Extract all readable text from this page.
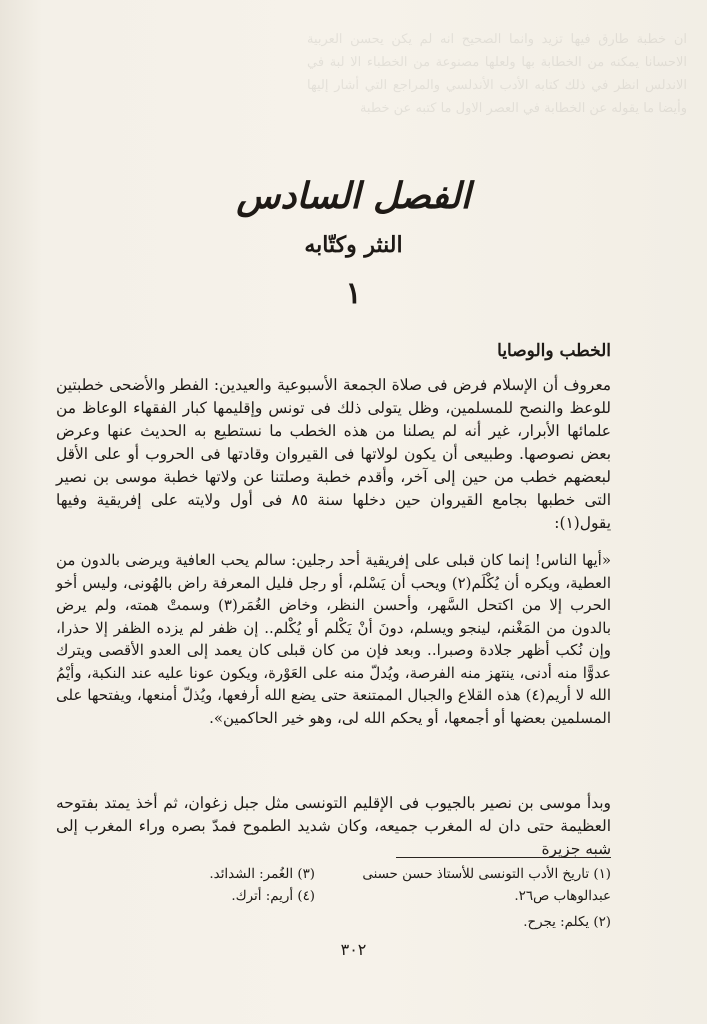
ان خطبة طارق فيها تزيد وانما الصحيح انه لم يكن يحسن العربية الاحسانا يمكنه من الخطابة بها ولعلها مصنوعة من الخطباء الا لبة في الاندلس انظر في ذلك كتابه الأدب الأندلسي والمراجع التي أشار إليها وأيضا ما يقوله عن الخطابة في العصر الاول ما كتبه عن خطبة
الفصل السادس
النثر وكتّابه
١
الخطب والوصايا
معروف أن الإسلام فرض فى صلاة الجمعة الأسبوعية والعيدين: الفطر والأضحى خطبتين للوعظ والنصح للمسلمين، وظل يتولى ذلك فى تونس وإقليمها كبار الفقهاء الوعاظ من علمائها الأبرار، غير أنه لم يصلنا من هذه الخطب ما نستطيع به الحديث عنها وعرض بعض نصوصها. وطبيعى أن يكون لولاتها فى القيروان وقادتها فى الحروب أو على الأقل لبعضهم خطب من حين إلى آخر، وأقدم خطبة وصلتنا عن ولاتها خطبة موسى بن نصير التى خطبها بجامع القيروان حين دخلها سنة ٨٥ فى أول ولايته على إفريقية وفيها يقول(١):
«أيها الناس! إنما كان قبلى على إفريقية أحد رجلين: سالم يحب العافية ويرضى بالدون من العطية، ويكره أن يُكْلَم(٢) ويحب أن يَسْلم، أو رجل فليل المعرفة راض بالهُونى، وليس أخو الحرب إلا من اكتحل السَّهر، وأحسن النظر، وخاض الغُمَر(٣) وسمتْ همته، ولم يرض بالدون من المَغْنم، لينجو ويسلم، دونَ أنْ يَكْلم أو يُكْلم.. إن ظفر لم يزده الظفر إلا حذرا، وإن نُكب أظهر جلادة وصبرا.. وبعد فإن من كان قبلى كان يعمد إلى العدو الأقصى ويترك عدوًّا منه أدنى، ينتهز منه الفرصة، ويُدلّ منه على العَوْرة، ويكون عونا عليه عند النكبة، وأيْمُ الله لا أريم(٤) هذه القلاع والجبال الممتنعة حتى يضع الله أرفعها، ويُذلّ أمنعها، ويفتحها على المسلمين بعضها أو أجمعها، أو يحكم الله لى، وهو خير الحاكمين».
وبدأ موسى بن نصير بالجيوب فى الإقليم التونسى مثل جبل زغوان، ثم أخذ يمتد بفتوحه العظيمة حتى دان له المغرب جميعه، وكان شديد الطموح فمدّ بصره وراء المغرب إلى شبه جزيرة
(١) تاريخ الأدب التونسى للأستاذ حسن حسنى
عبدالوهاب ص٢٦.
(٢) يكلم: يجرح.
(٣) الغُمر: الشدائد.
(٤) أريم: أترك.
٣٠٢
